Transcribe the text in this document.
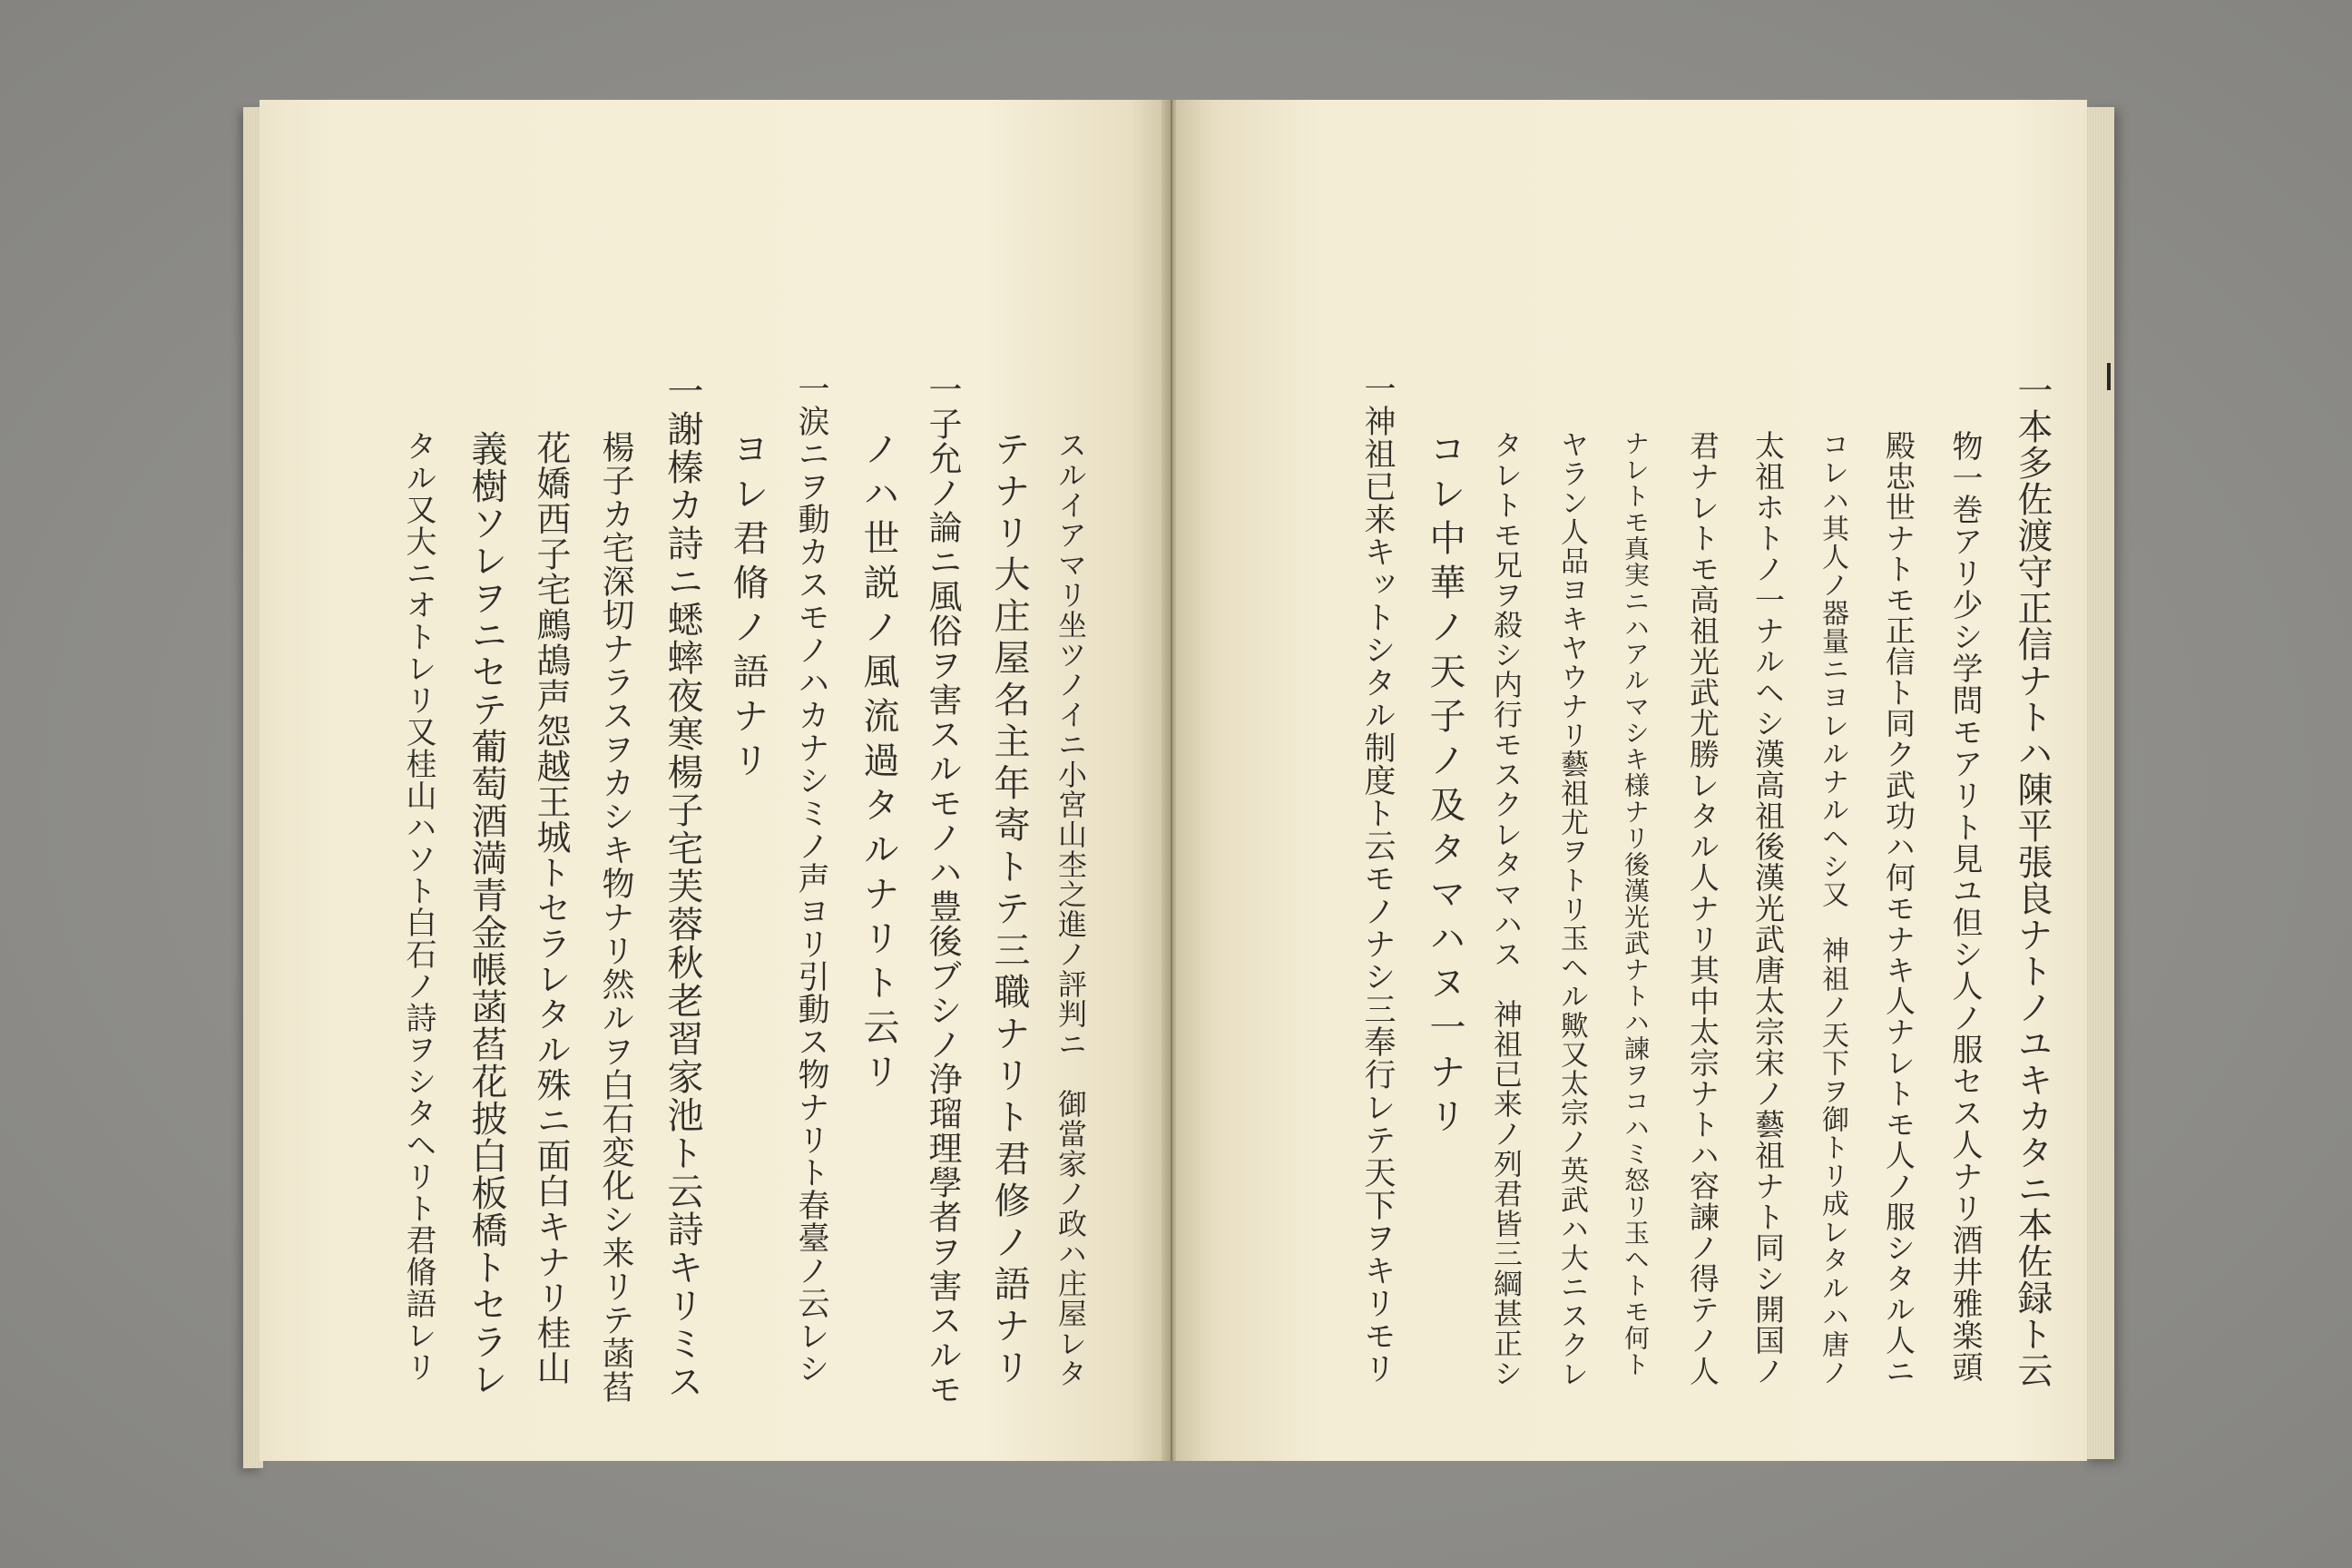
スルイアマリ坐ツノイニ小宮山杢之進ノ評判ニ　御當家ノ政ハ庄屋レタ
テナリ大庄屋名主年寄トテ三職ナリト君修ノ語ナリ
一子允ノ論ニ風俗ヲ害スルモノハ豊後ブシノ浄瑠理學者ヲ害スルモ
ノハ世説ノ風流過タルナリト云リ
一涙ニヲ動カスモノハカナシミノ声ヨリ引動ス物ナリト春臺ノ云レシ
ヨレ君脩ノ語ナリ
一謝榛カ詩ニ蟋蟀夜寒楊子宅芙蓉秋老習家池ト云詩キリミス
楊子カ宅深切ナラスヲカシキ物ナリ然ルヲ白石変化シ来リテ菡萏
花嬌西子宅鷓鴣声怨越王城トセラレタル殊ニ面白キナリ桂山
義樹ソレヲニセテ葡萄酒満青金帳菡萏花披白板橋トセラレ
タル又大ニオトレリ又桂山ハソト白石ノ詩ヲシタヘリト君脩語レリ	一本多佐渡守正信ナトハ陳平張良ナトノユキカタニ本佐録ト云
物一巻アリ少シ学問モアリト見ユ但シ人ノ服セス人ナリ酒井雅楽頭
殿忠世ナトモ正信ト同ク武功ハ何モナキ人ナレトモ人ノ服シタル人ニ
コレハ其人ノ器量ニヨレルナルヘシ又　神祖ノ天下ヲ御トリ成レタルハ唐ノ
太祖ホトノ一ナルヘシ漢高祖後漢光武唐太宗宋ノ藝祖ナト同シ開国ノ
君ナレトモ高祖光武尤勝レタル人ナリ其中太宗ナトハ容諫ノ得テノ人
ナレトモ真実ニハアルマシキ様ナリ後漢光武ナトハ諫ヲコハミ怒リ玉ヘトモ何ト
ヤラン人品ヨキヤウナリ藝祖尤ヲトリ玉ヘル歟又太宗ノ英武ハ大ニスクレ
タレトモ兄ヲ殺シ内行モスクレタマハス　神祖已来ノ列君皆三綱甚正シ
コレ中華ノ天子ノ及タマハヌ一ナリ
一神祖已来キットシタル制度ト云モノナシ三奉行レテ天下ヲキリモリ
